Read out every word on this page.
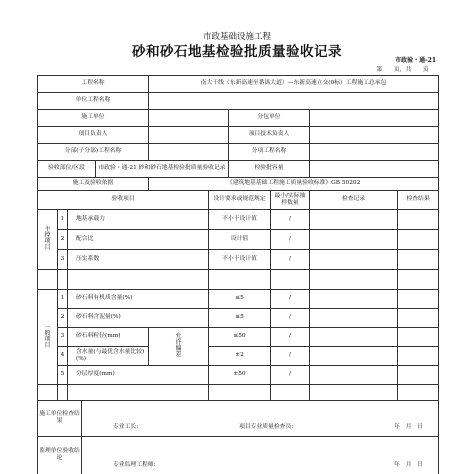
市政基础设施工程
砂和砂石地基检验批质量验收记录
市政验・通-21
第　　页，共　　页										
工程名称					南大干线（东新高速至番禺大道）—东新高速立交(0标）工程施工总承包					
单位工程名称										
施工单位							分包单位			
项目负责人							项目技术负责人			
分部(子分部)工程名称							分项工程名称			
验收部位/区段				市政验・通-21 砂和砂石地基检验批质量验收记录			检验批容量			
施工及验收依据					《建筑地基基础工程施工质量验收标准》GB 50202					
验收项目						设计要求或规范规定		最小/实际抽样数量	检查记录	检查结果
主控项目	1	地基承载力				不小于设计值		/		
	2	配合比				设计值		/		
	3	压实系数				不小于设计值		/		

一般项目	1	砂石料有机质含量(%)				≤5		/		
	2	砂石料含泥量(%)				≤5		/		
	3	砂石料粒径(mm)			允许偏差	≤50		/		
	4	含水量(与最优含水量比较)(%)				±2		/		
	5	分层厚度(mm)				±50		/		

施工单位检查结果			专业工长: 项目专业质量检查员: 年　月　日							

监理单位验收结论			专业监理工程师: 年　月　日							
